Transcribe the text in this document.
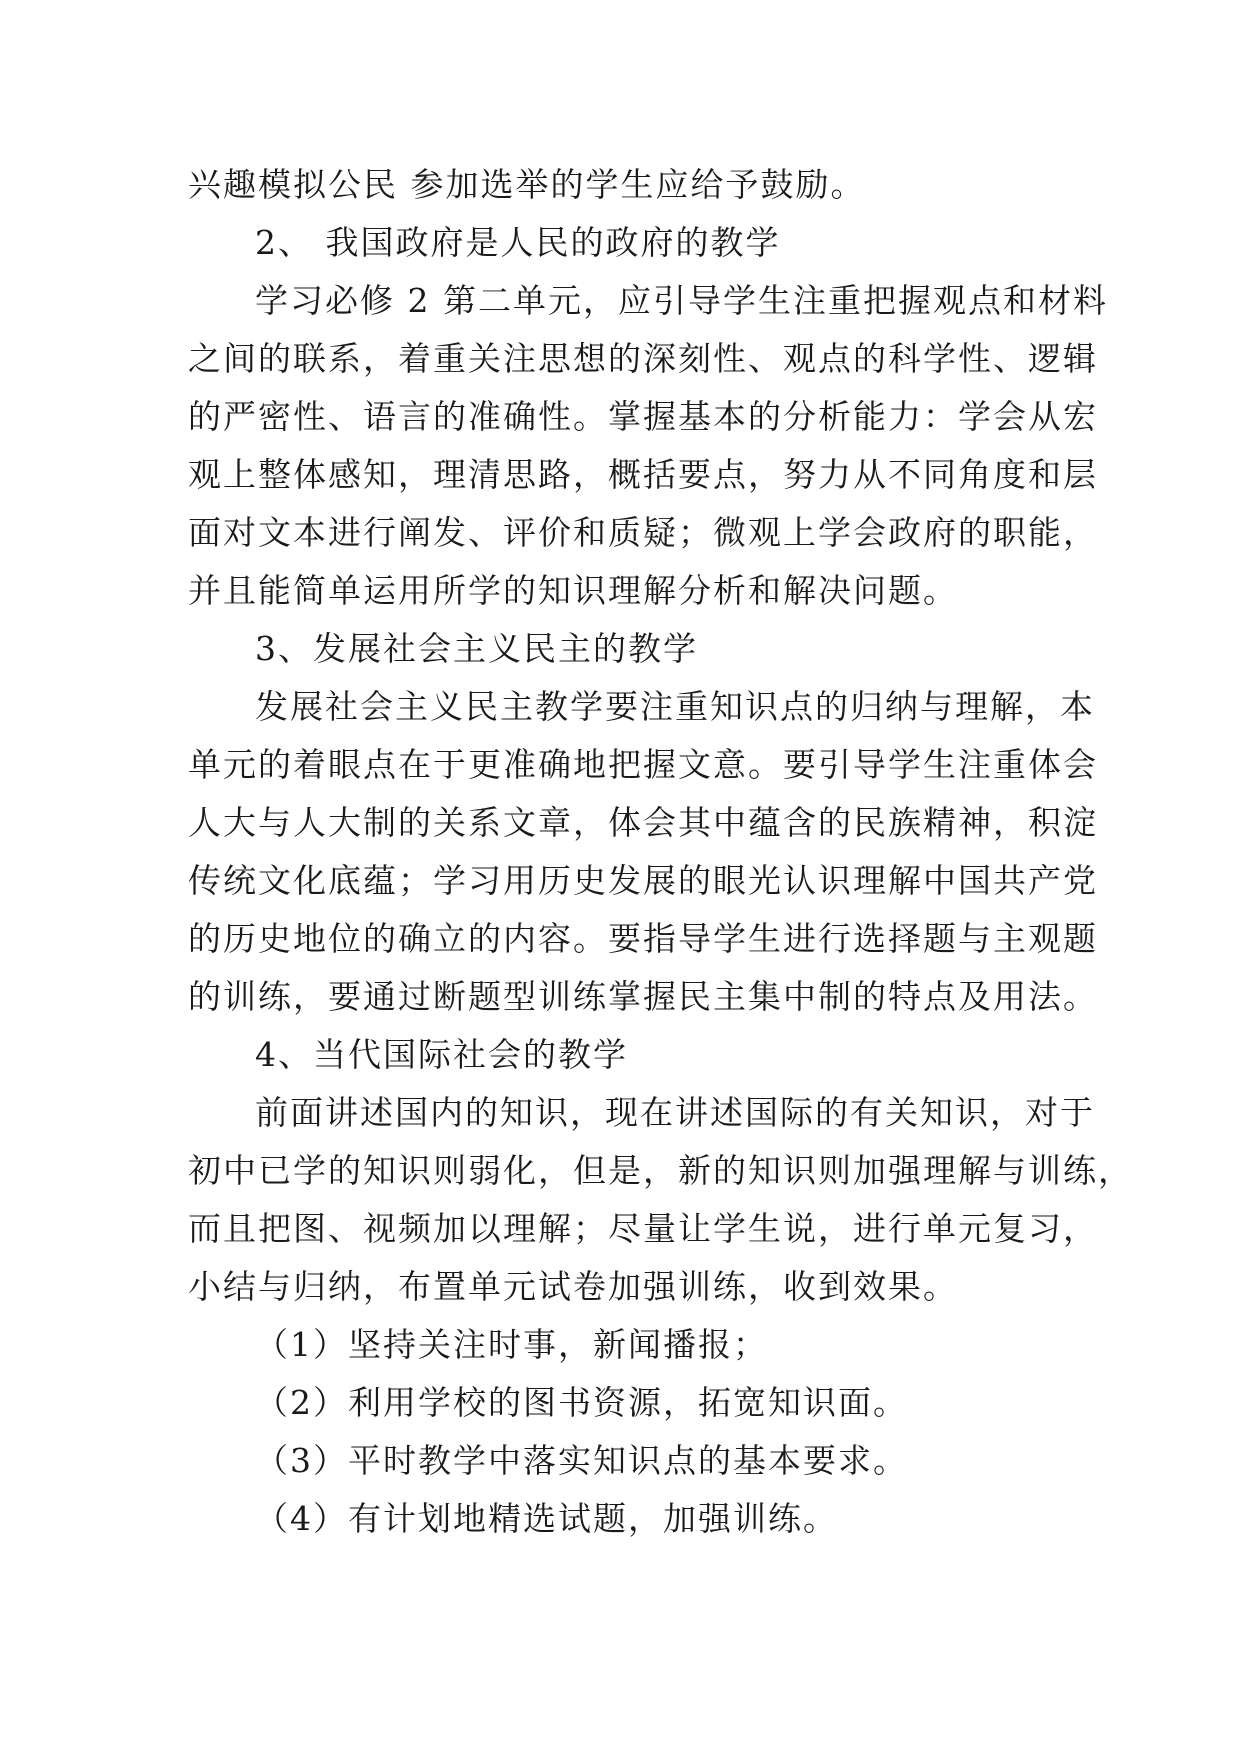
兴趣模拟公民 参加选举的学生应给予鼓励。
2、 我国政府是人民的政府的教学
学习必修 2 第二单元，应引导学生注重把握观点和材料
之间的联系，着重关注思想的深刻性、观点的科学性、逻辑
的严密性、语言的准确性。掌握基本的分析能力：学会从宏
观上整体感知，理清思路，概括要点，努力从不同角度和层
面对文本进行阐发、评价和质疑；微观上学会政府的职能，
并且能简单运用所学的知识理解分析和解决问题。
3、发展社会主义民主的教学
发展社会主义民主教学要注重知识点的归纳与理解，本
单元的着眼点在于更准确地把握文意。要引导学生注重体会
人大与人大制的关系文章，体会其中蕴含的民族精神，积淀
传统文化底蕴；学习用历史发展的眼光认识理解中国共产党
的历史地位的确立的内容。要指导学生进行选择题与主观题
的训练，要通过断题型训练掌握民主集中制的特点及用法。
4、当代国际社会的教学
前面讲述国内的知识，现在讲述国际的有关知识，对于
初中已学的知识则弱化，但是，新的知识则加强理解与训练，
而且把图、视频加以理解；尽量让学生说，进行单元复习，
小结与归纳，布置单元试卷加强训练，收到效果。
（1）坚持关注时事，新闻播报；
（2）利用学校的图书资源，拓宽知识面。
（3）平时教学中落实知识点的基本要求。
（4）有计划地精选试题，加强训练。
